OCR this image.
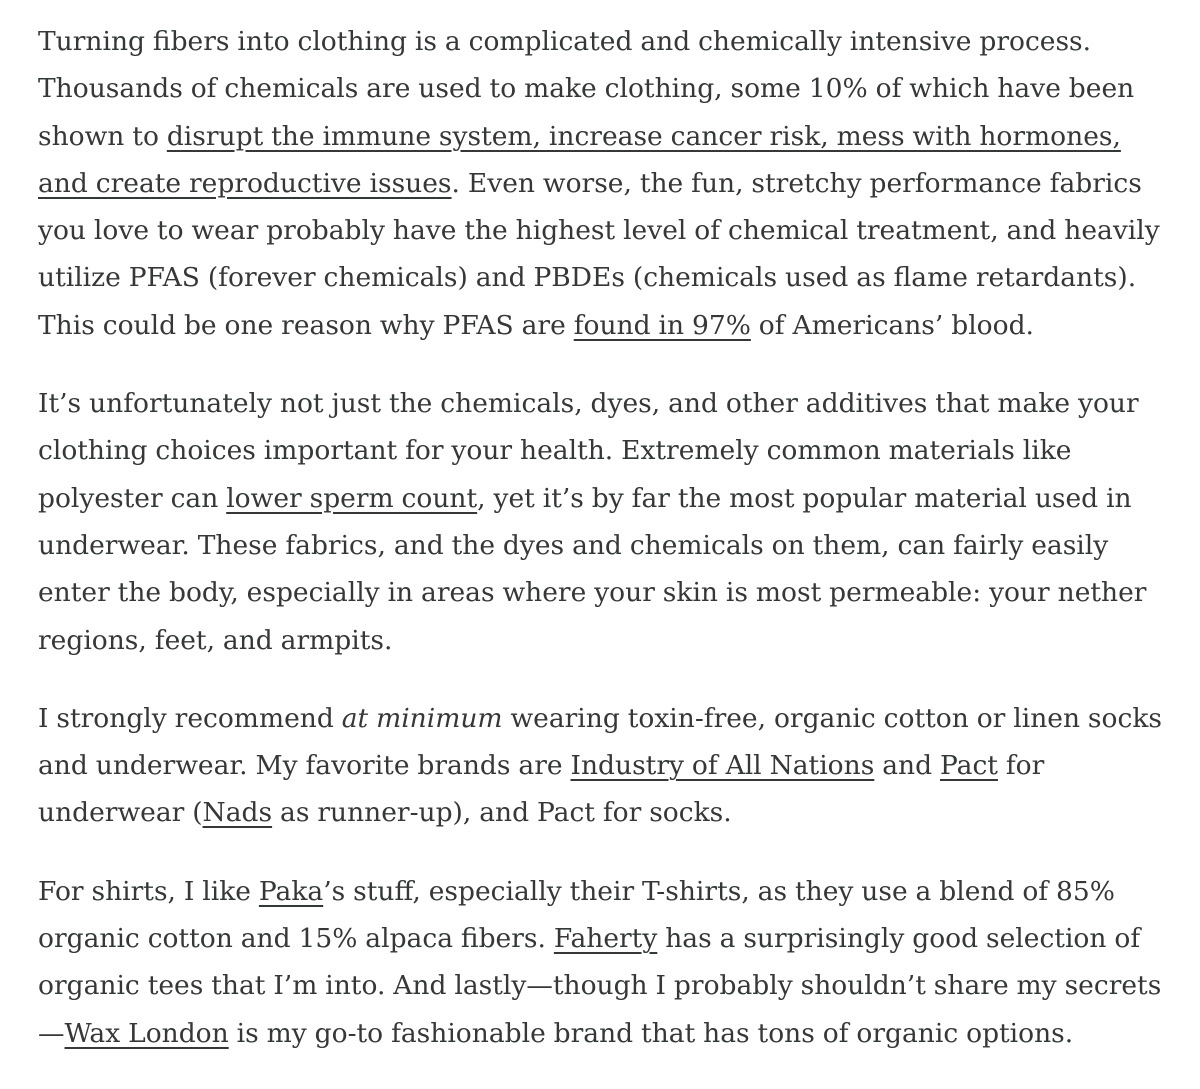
Turning fibers into clothing is a complicated and chemically intensive process. Thousands of chemicals are used to make clothing, some 10% of which have been shown to disrupt the immune system, increase cancer risk, mess with hormones, and create reproductive issues. Even worse, the fun, stretchy performance fabrics you love to wear probably have the highest level of chemical treatment, and heavily utilize PFAS (forever chemicals) and PBDEs (chemicals used as flame retardants). This could be one reason why PFAS are found in 97% of Americans’ blood.

It’s unfortunately not just the chemicals, dyes, and other additives that make your clothing choices important for your health. Extremely common materials like polyester can lower sperm count, yet it’s by far the most popular material used in underwear. These fabrics, and the dyes and chemicals on them, can fairly easily enter the body, especially in areas where your skin is most permeable: your nether regions, feet, and armpits.

I strongly recommend at minimum wearing toxin-free, organic cotton or linen socks and underwear. My favorite brands are Industry of All Nations and Pact for underwear (Nads as runner-up), and Pact for socks.

For shirts, I like Paka’s stuff, especially their T-shirts, as they use a blend of 85% organic cotton and 15% alpaca fibers. Faherty has a surprisingly good selection of organic tees that I’m into. And lastly—though I probably shouldn’t share my secrets—Wax London is my go-to fashionable brand that has tons of organic options.
